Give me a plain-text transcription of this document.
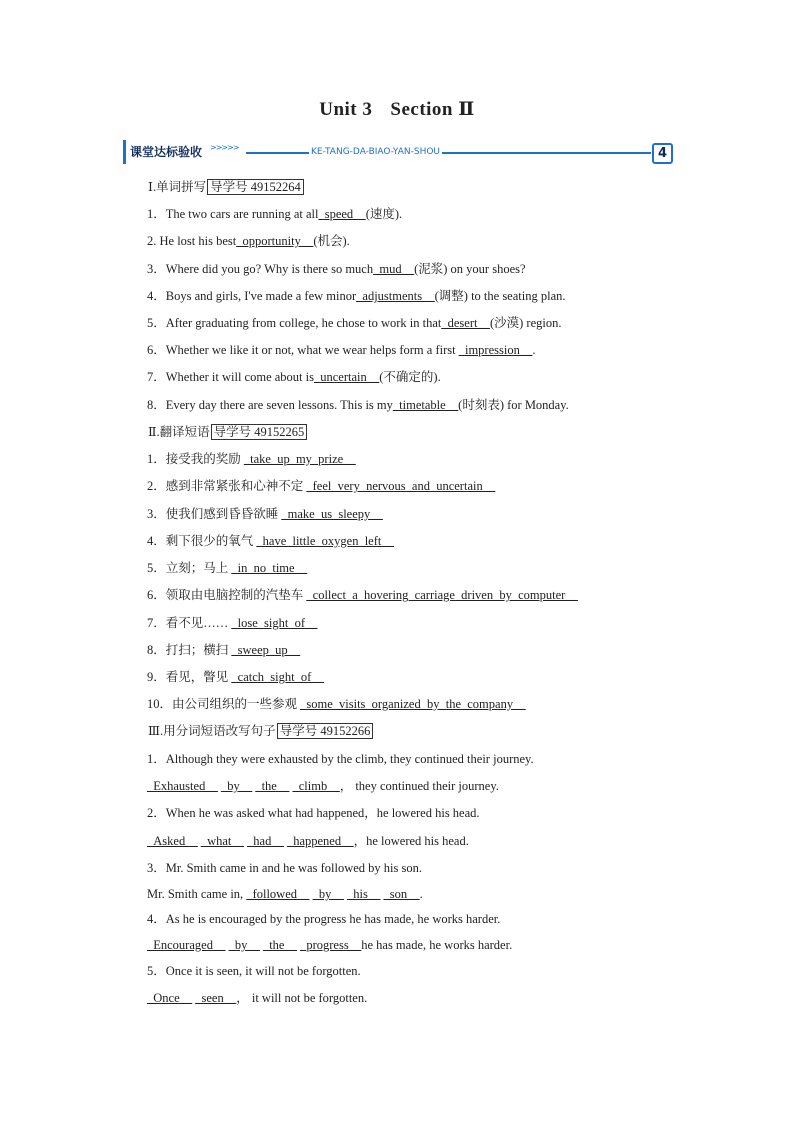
Unit 3 Section Ⅱ
课堂达标验收 >>>>>	KE-TANG-DA-BIAO-YAN-SHOU	4
Ⅰ.单词拼写 导学号 49152264
1．The two cars are running at all_speed__(速度).
2. He lost his best_opportunity__(机会).
3．Where did you go? Why is there so much_mud__(泥浆) on your shoes?
4．Boys and girls, I've made a few minor_adjustments__(调整) to the seating plan.
5．After graduating from college, he chose to work in that_desert__(沙漠) region.
6．Whether we like it or not, what we wear helps form a first _impression__.
7．Whether it will come about is_uncertain__(不确定的).
8．Every day there are seven lessons. This is my_timetable__(时刻表) for Monday.
Ⅱ.翻译短语 导学号 49152265
1．接受我的奖励 _take_up_my_prize__
2．感到非常紧张和心神不定 _feel_very_nervous_and_uncertain__
3．使我们感到昏昏欲睡 _make_us_sleepy__
4．剩下很少的氧气 _have_little_oxygen_left__
5．立刻；马上 _in_no_time__
6．领取由电脑控制的汽垫车 _collect_a_hovering_carriage_driven_by_computer__
7．看不见…… _lose_sight_of__
8．打扫；横扫 _sweep_up__
9．看见，瞥见 _catch_sight_of__
10．由公司组织的一些参观 _some_visits_organized_by_the_company__
Ⅲ.用分词短语改写句子 导学号 49152266
1．Although they were exhausted by the climb, they continued their journey.
_Exhausted__ _by__ _the__ _climb__， they continued their journey.
2．When he was asked what had happened，he lowered his head.
_Asked__ _what__ _had__ _happened__，he lowered his head.
3．Mr. Smith came in and he was followed by his son.
Mr. Smith came in, _followed__ _by__ _his__ _son__.
4．As he is encouraged by the progress he has made, he works harder.
_Encouraged__ _by__ _the__ _progress__he has made, he works harder.
5．Once it is seen, it will not be forgotten.
_Once__ _seen__， it will not be forgotten.
